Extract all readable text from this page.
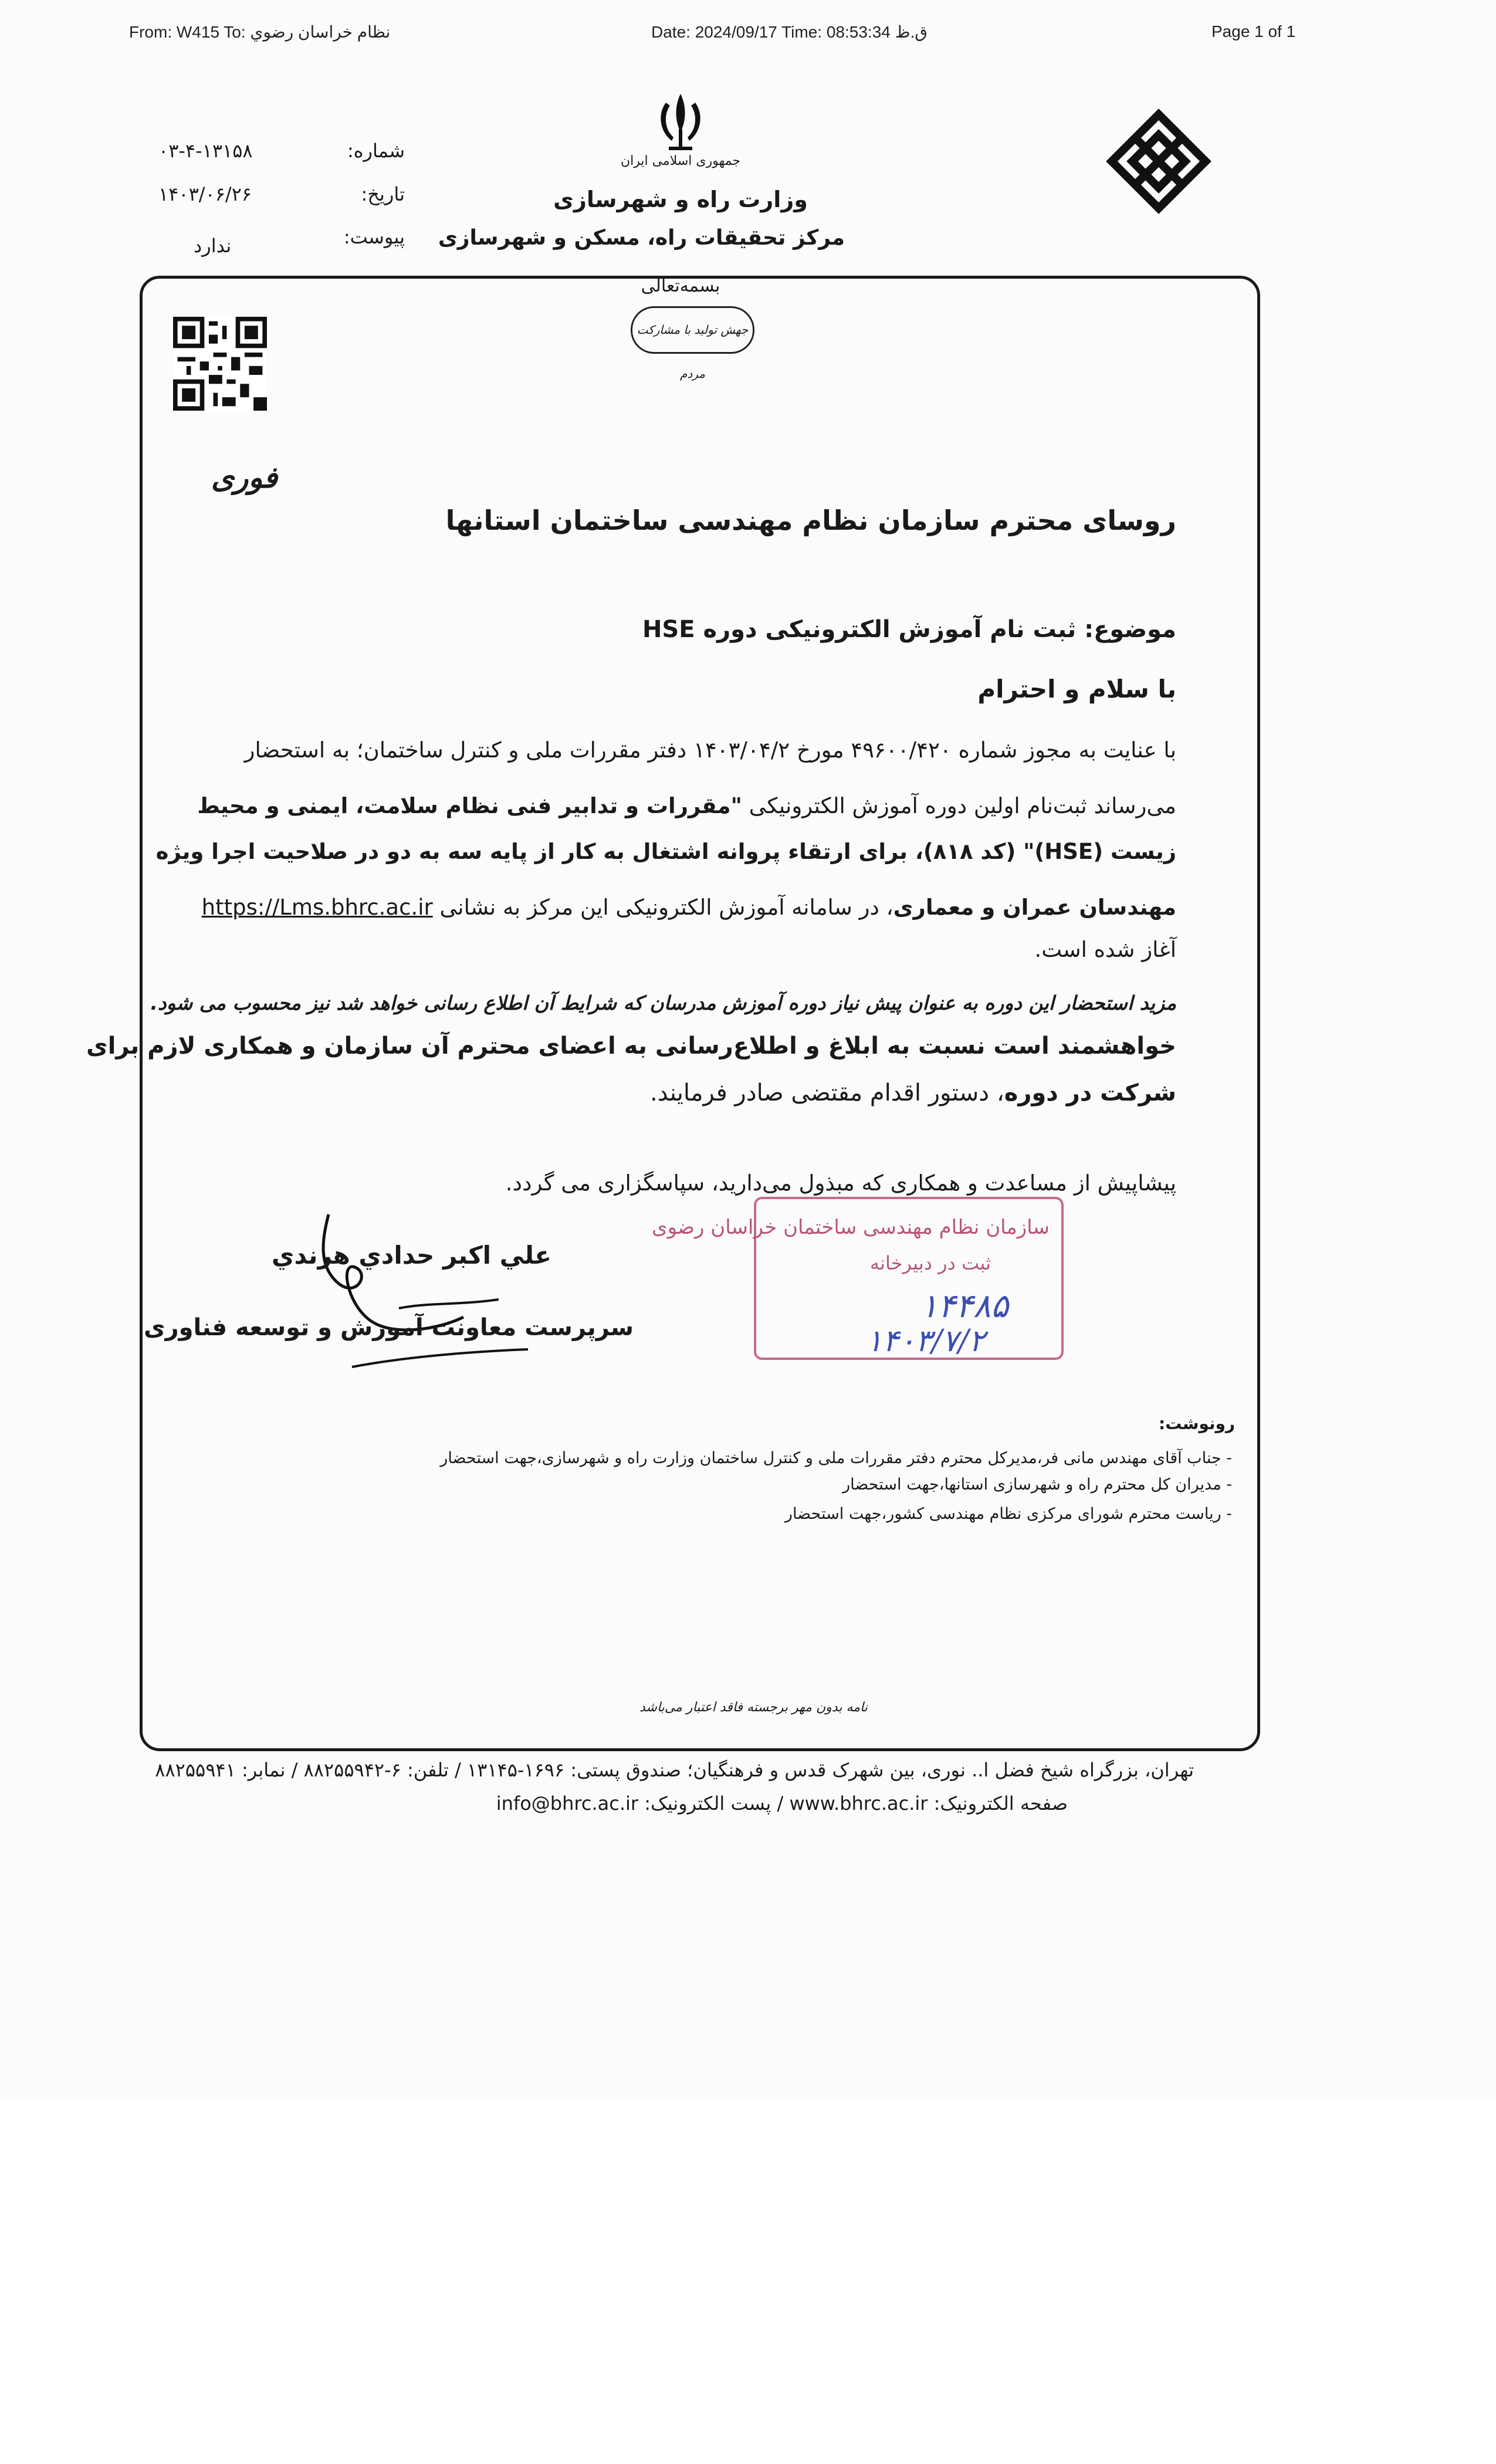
From: W415 To: نظام خراسان رضوي	Date: 2024/09/17 Time: 08:53:34 ق.ظ	Page 1 of 1
شماره:
۰۳-۴-۱۳۱۵۸
تاریخ:
۱۴۰۳/۰۶/۲۶
پیوست:
ندارد
جمهوری اسلامی ایران
وزارت راه و شهرسازی
مرکز تحقیقات راه، مسکن و شهرسازی
بسمه‌تعالی
جهش تولید با مشارکت مردم
فوری
روسای محترم سازمان نظام مهندسی ساختمان استانها
موضوع: ثبت نام آموزش الکترونیکی دوره HSE
با سلام و احترام
با عنایت به مجوز شماره ۴۹۶۰۰/۴۲۰ مورخ ۱۴۰۳/۰۴/۲ دفتر مقررات ملی و کنترل ساختمان؛ به استحضار
می‌رساند ثبت‌نام اولین دوره آموزش الکترونیکی "مقررات و تدابیر فنی نظام سلامت، ایمنی و محیط
زیست (HSE)" (کد ۸۱۸)، برای ارتقاء پروانه اشتغال به کار از پایه سه به دو در صلاحیت اجرا ویژه
مهندسان عمران و معماری، در سامانه آموزش الکترونیکی این مرکز به نشانی https://Lms.bhrc.ac.ir
آغاز شده است.
مزید استحضار این دوره به عنوان پیش نیاز دوره آموزش مدرسان که شرایط آن اطلاع رسانی خواهد شد نیز محسوب می شود.
خواهشمند است نسبت به ابلاغ و اطلاع‌رسانی به اعضای محترم آن سازمان و همکاری لازم برای
شرکت در دوره، دستور اقدام مقتضی صادر فرمایند.
پیشاپیش از مساعدت و همکاری که مبذول می‌دارید، سپاسگزاری می گردد.
سازمان نظام مهندسی ساختمان خراسان رضوی
ثبت در دبیرخانه
۱۴۴۸۵
۱۴۰۳/۷/۲
علي اکبر حدادي هرندي
سرپرست معاونت آموزش و توسعه فناوری
رونوشت:
- جناب آقای مهندس مانی فر،مدیرکل محترم دفتر مقررات ملی و کنترل ساختمان وزارت راه و شهرسازی،جهت استحضار
- مدیران کل محترم راه و شهرسازی استانها،جهت استحضار
- ریاست محترم شورای مرکزی نظام مهندسی کشور،جهت استحضار
نامه بدون مهر برجسته فاقد اعتبار می‌باشد
تهران، بزرگراه شیخ فضل ا.. نوری، بین شهرک قدس و فرهنگیان؛ صندوق پستی: ۱۶۹۶-۱۳۱۴۵ / تلفن: ۶-۸۸۲۵۵۹۴۲ / نمابر: ۸۸۲۵۵۹۴۱
صفحه الکترونیک: www.bhrc.ac.ir / پست الکترونیک: info@bhrc.ac.ir
